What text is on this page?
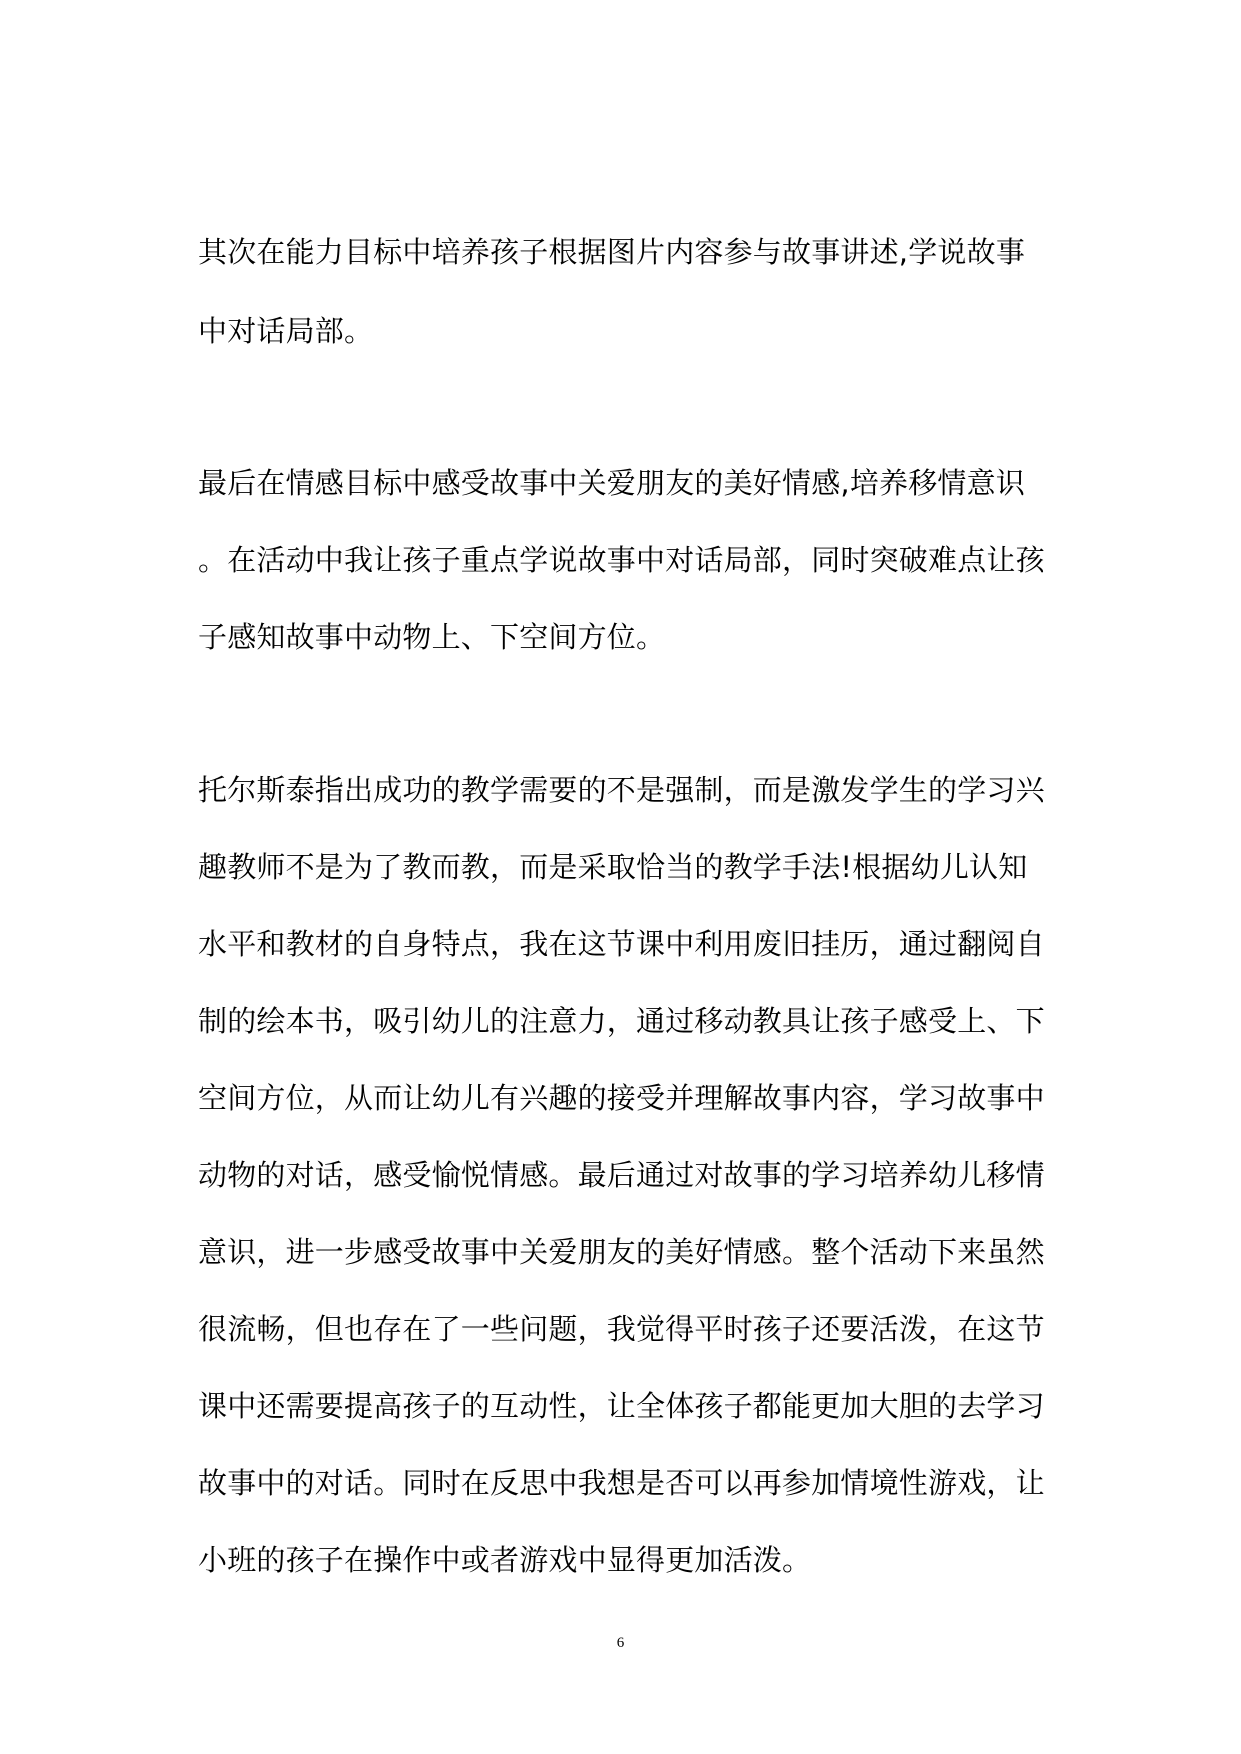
其次在能力目标中培养孩子根据图片内容参与故事讲述,学说故事
中对话局部。
最后在情感目标中感受故事中关爱朋友的美好情感,培养移情意识
。在活动中我让孩子重点学说故事中对话局部，同时突破难点让孩
子感知故事中动物上、下空间方位。
托尔斯泰指出成功的教学需要的不是强制，而是激发学生的学习兴
趣教师不是为了教而教，而是采取恰当的教学手法!根据幼儿认知
水平和教材的自身特点，我在这节课中利用废旧挂历，通过翻阅自
制的绘本书，吸引幼儿的注意力，通过移动教具让孩子感受上、下
空间方位，从而让幼儿有兴趣的接受并理解故事内容，学习故事中
动物的对话，感受愉悦情感。最后通过对故事的学习培养幼儿移情
意识，进一步感受故事中关爱朋友的美好情感。整个活动下来虽然
很流畅，但也存在了一些问题，我觉得平时孩子还要活泼，在这节
课中还需要提高孩子的互动性，让全体孩子都能更加大胆的去学习
故事中的对话。同时在反思中我想是否可以再参加情境性游戏，让
小班的孩子在操作中或者游戏中显得更加活泼。
6
